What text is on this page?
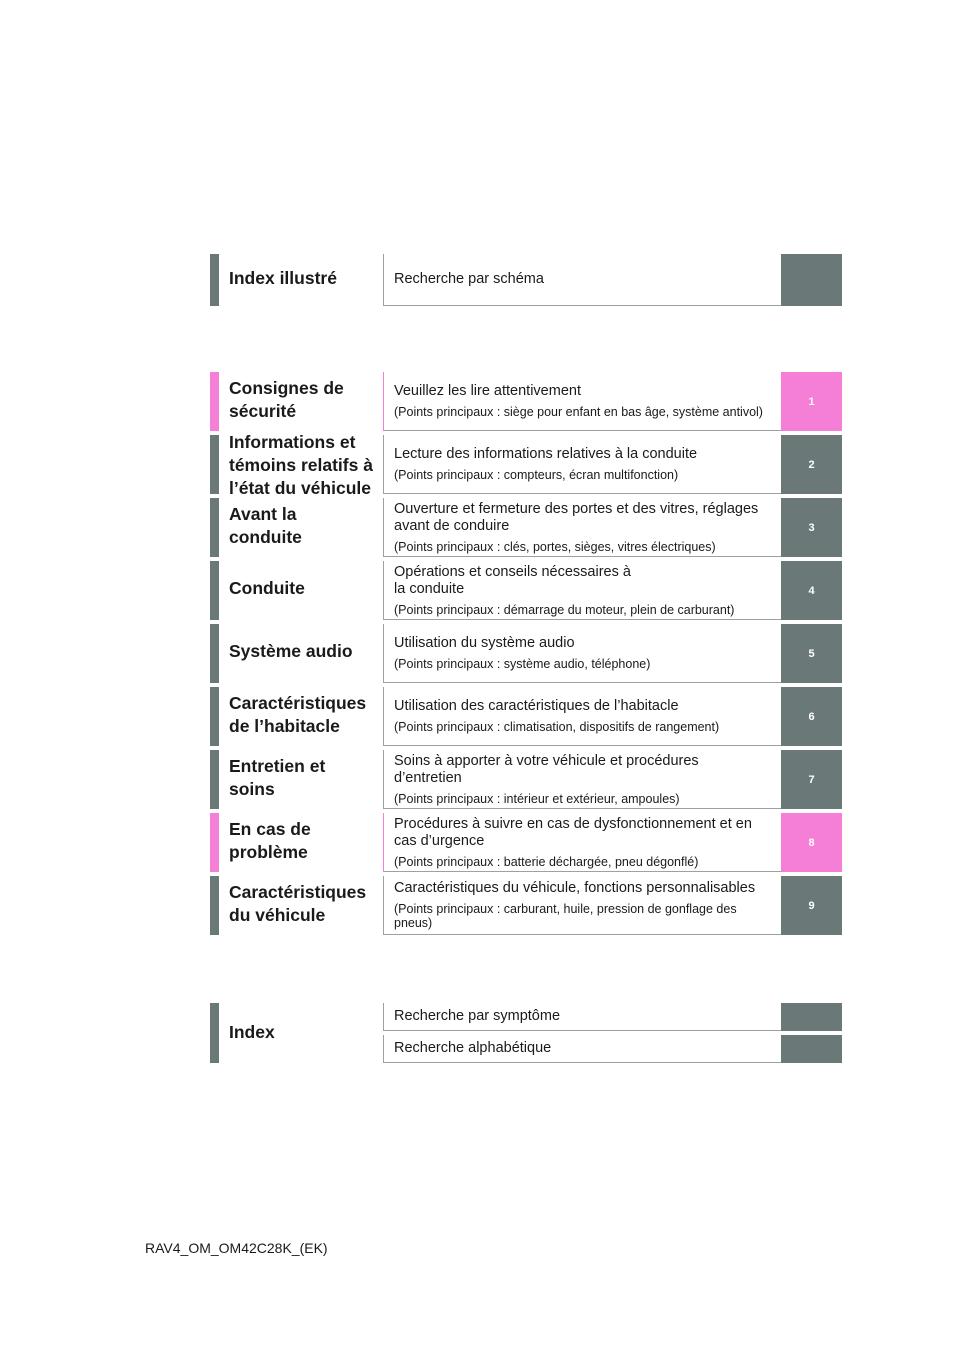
Index illustré	Recherche par schéma
Consignes de sécurité
Veuillez les lire attentivement
(Points principaux : siège pour enfant en bas âge, système antivol)
1
Informations et témoins relatifs à l’état du véhicule
Lecture des informations relatives à la conduite
(Points principaux : compteurs, écran multifonction)
2
Avant la conduite
Ouverture et fermeture des portes et des vitres, réglages avant de conduire
(Points principaux : clés, portes, sièges, vitres électriques)
3
Conduite
Opérations et conseils nécessaires à la conduite
(Points principaux : démarrage du moteur, plein de carburant)
4
Système audio	Utilisation du système audio
(Points principaux : système audio, téléphone)
5
Caractéristiques de l’habitacle
Utilisation des caractéristiques de l’habitacle
(Points principaux : climatisation, dispositifs de rangement)
6
Entretien et soins
Soins à apporter à votre véhicule et procédures d’entretien
(Points principaux : intérieur et extérieur, ampoules)
7
En cas de problème
Procédures à suivre en cas de dysfonctionnement et en cas d’urgence
(Points principaux : batterie déchargée, pneu dégonflé)
8
Caractéristiques du véhicule
Caractéristiques du véhicule, fonctions personnalisables
(Points principaux : carburant, huile, pression de gonflage des pneus)
9
Index
Recherche par symptôme
Recherche alphabétique
RAV4_OM_OM42C28K_(EK)
